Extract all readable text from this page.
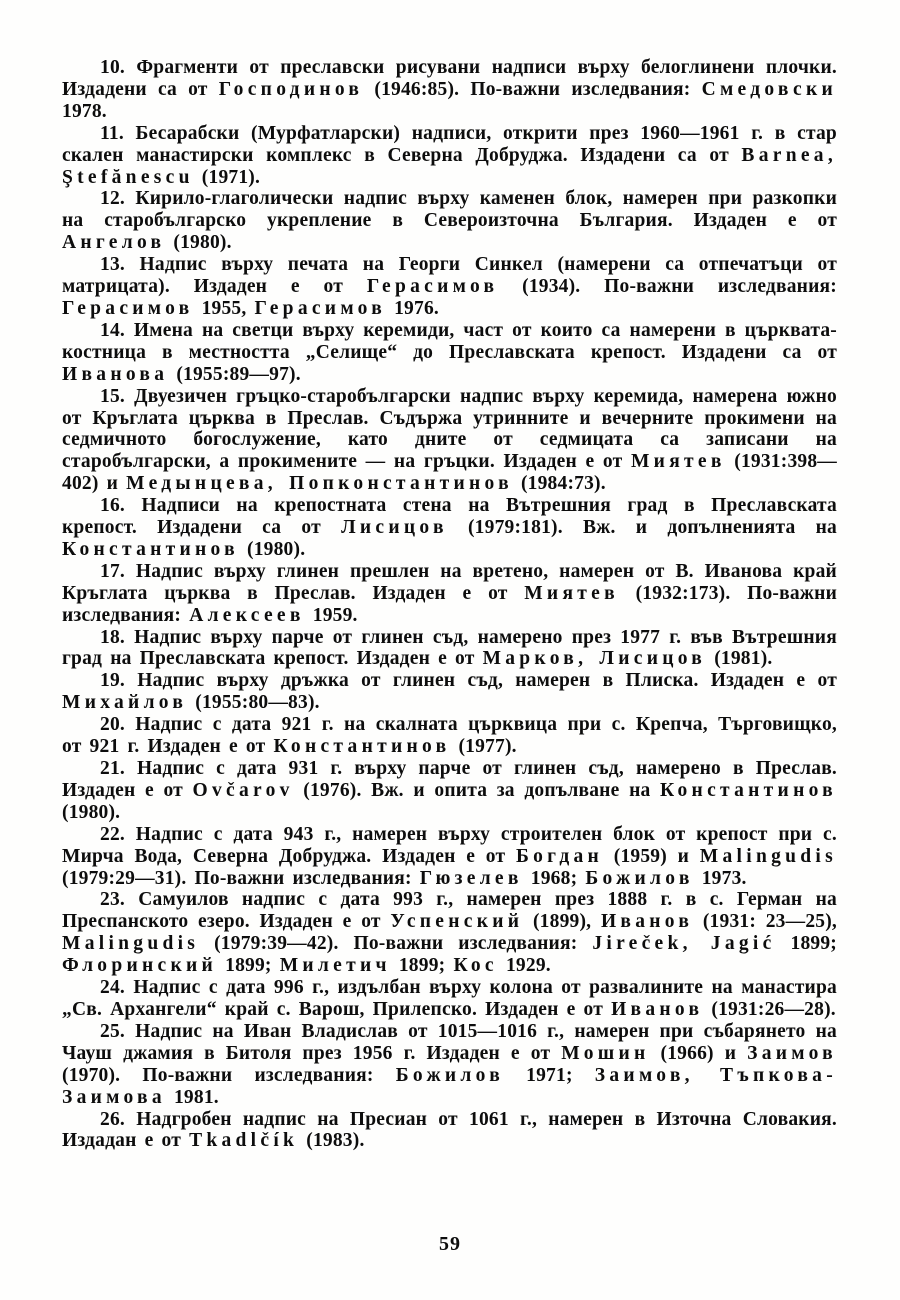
10. Фрагменти от преславски рисувани надписи върху белоглинени плочки. Издадени са от Господинов (1946:85). По-важни изследвания: Смедовски 1978.

11. Бесарабски (Мурфатларски) надписи, открити през 1960—1961 г. в стар скален манастирски комплекс в Северна Добруджа. Издадени са от Barnea, Ştefănescu (1971).

12. Кирило-глаголически надпис върху каменен блок, намерен при разкопки на старобългарско укрепление в Североизточна България. Издаден е от Ангелов (1980).

13. Надпис върху печата на Георги Синкел (намерени са отпечатъци от матрицата). Издаден е от Герасимов (1934). По-важни изследвания: Герасимов 1955, Герасимов 1976.

14. Имена на светци върху керемиди, част от които са намерени в църквата-костница в местността „Селище“ до Преславската крепост. Издадени са от Иванова (1955:89—97).

15. Двуезичен гръцко-старобългарски надпис върху керемида, намерена южно от Кръглата църква в Преслав. Съдържа утринните и вечерните прокимени на седмичното богослужение, като дните от седмицата са записани на старобългарски, а прокимените — на гръцки. Издаден е от Миятев (1931:398—402) и Медынцева, Попконстантинов (1984:73).

16. Надписи на крепостната стена на Вътрешния град в Преславската крепост. Издадени са от Лисицов (1979:181). Вж. и допълненията на Константинов (1980).

17. Надпис върху глинен прешлен на вретено, намерен от В. Иванова край Кръглата църква в Преслав. Издаден е от Миятев (1932:173). По-важни изследвания: Алексеев 1959.

18. Надпис върху парче от глинен съд, намерено през 1977 г. във Вътрешния град на Преславската крепост. Издаден е от Марков, Лисицов (1981).

19. Надпис върху дръжка от глинен съд, намерен в Плиска. Издаден е от Михайлов (1955:80—83).

20. Надпис с дата 921 г. на скалната църквица при с. Крепча, Търговищко, от 921 г. Издаден е от Константинов (1977).

21. Надпис с дата 931 г. върху парче от глинен съд, намерено в Преслав. Издаден е от Ovčarov (1976). Вж. и опита за допълване на Константинов (1980).

22. Надпис с дата 943 г., намерен върху строителен блок от крепост при с. Мирча Вода, Северна Добруджа. Издаден е от Богдан (1959) и Malingudis (1979:29—31). По-важни изследвания: Гюзелев 1968; Божилов 1973.

23. Самуилов надпис с дата 993 г., намерен през 1888 г. в с. Герман на Преспанското езеро. Издаден е от Успенский (1899), Иванов (1931: 23—25), Malingudis (1979:39—42). По-важни изследвания: Jireček, Jagić 1899; Флоринский 1899; Милетич 1899; Кос 1929.

24. Надпис с дата 996 г., издълбан върху колона от развалините на манастира „Св. Архангели“ край с. Варош, Прилепско. Издаден е от Иванов (1931:26—28).

25. Надпис на Иван Владислав от 1015—1016 г., намерен при събарянето на Чауш джамия в Битоля през 1956 г. Издаден е от Мошин (1966) и Заимов (1970). По-важни изследвания: Божилов 1971; Заимов, Тъпкова-Заимова 1981.

26. Надгробен надпис на Пресиан от 1061 г., намерен в Източна Словакия. Издадан е от Tkadlčík (1983).

59
